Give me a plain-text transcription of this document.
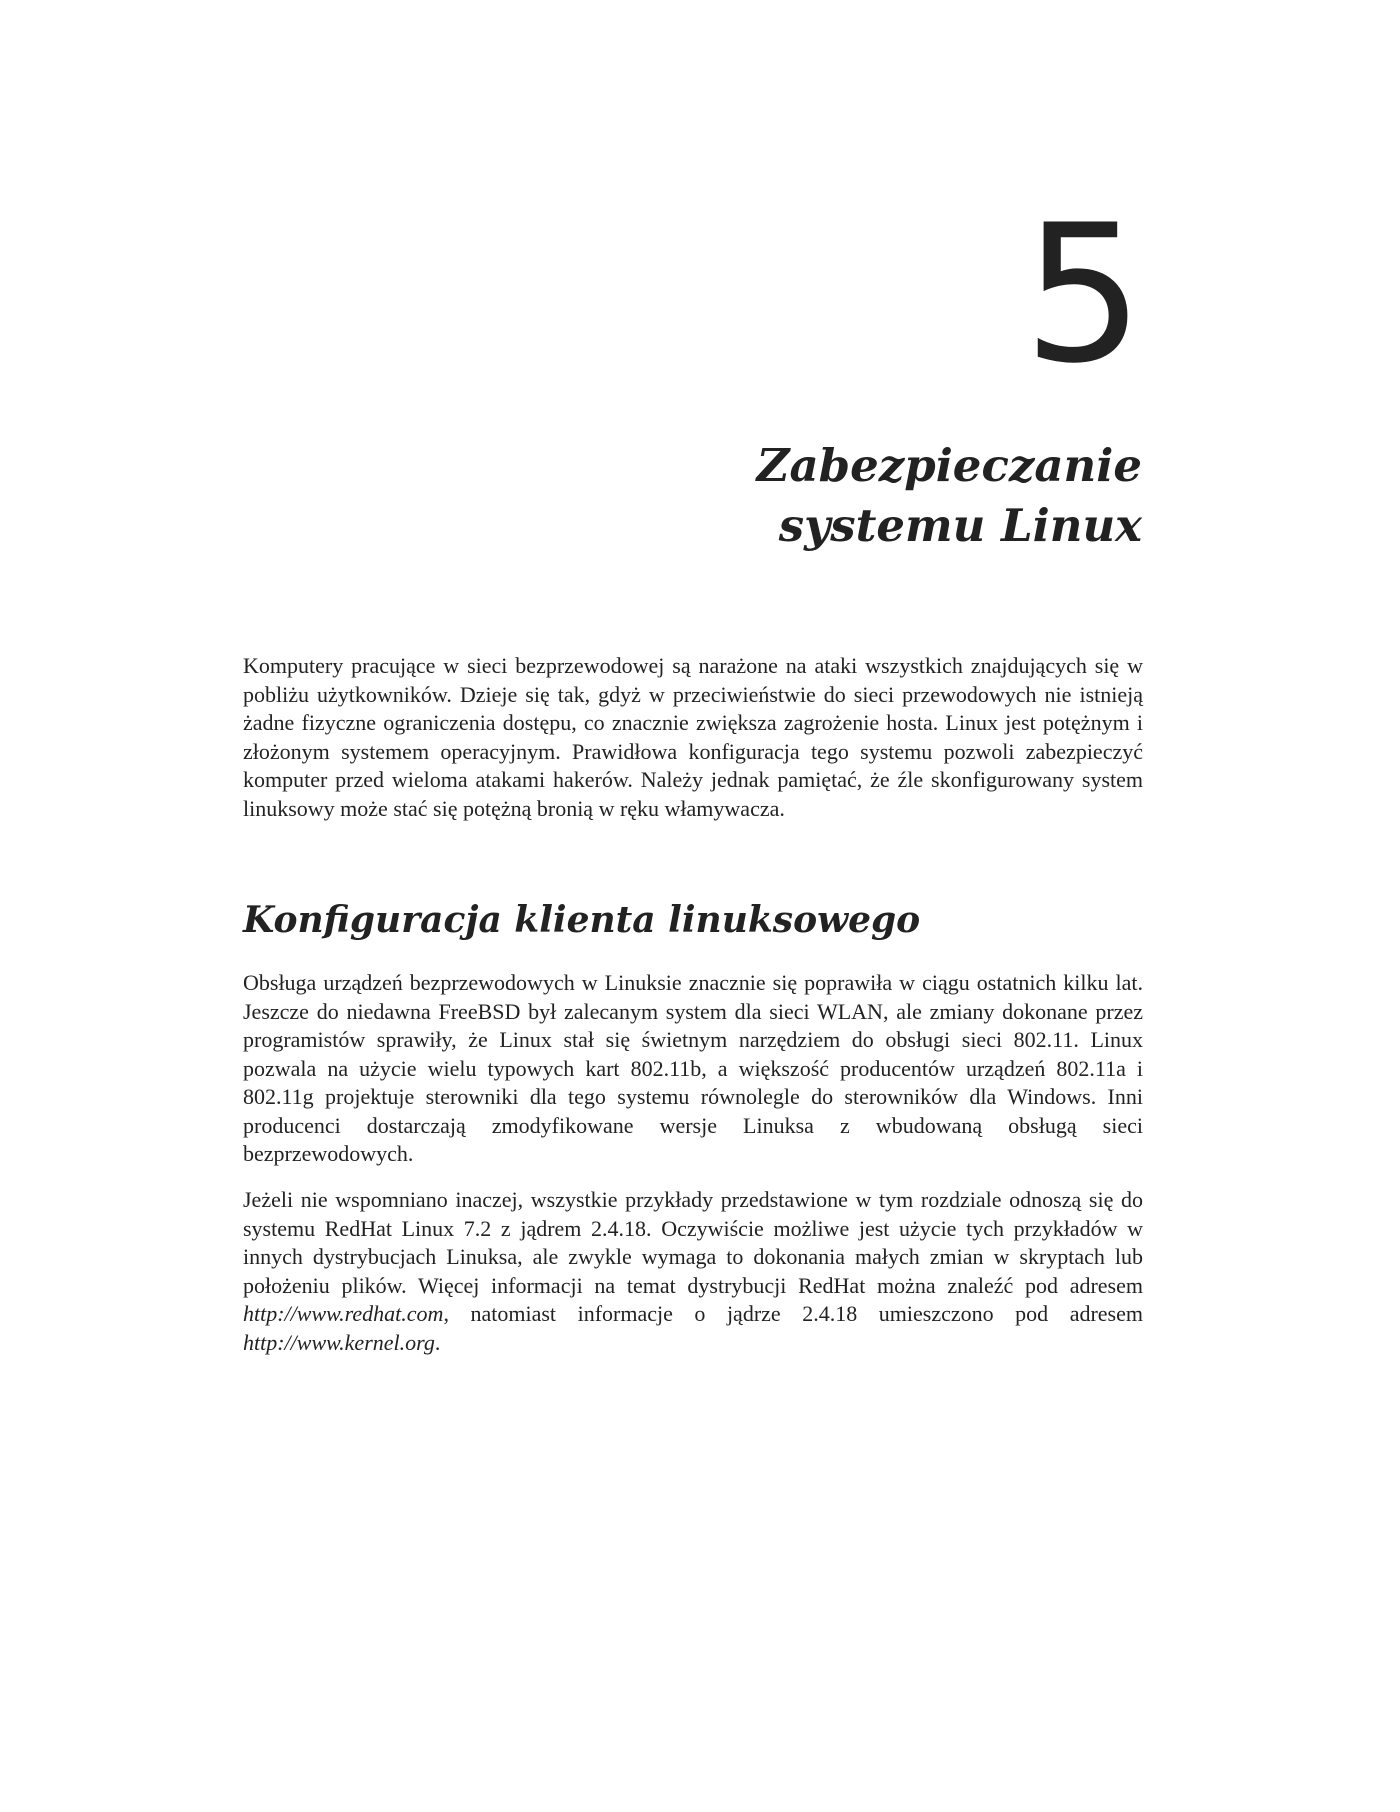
5
Zabezpieczanie
systemu Linux

Komputery pracujące w sieci bezprzewodowej są narażone na ataki wszystkich znajdujących się w pobliżu użytkowników. Dzieje się tak, gdyż w przeciwieństwie do sieci przewodowych nie istnieją żadne fizyczne ograniczenia dostępu, co znacznie zwiększa zagrożenie hosta. Linux jest potężnym i złożonym systemem operacyjnym. Prawidłowa konfiguracja tego systemu pozwoli zabezpieczyć komputer przed wieloma atakami hakerów. Należy jednak pamiętać, że źle skonfigurowany system linuksowy może stać się potężną bronią w ręku włamywacza.

Konfiguracja klienta linuksowego

Obsługa urządzeń bezprzewodowych w Linuksie znacznie się poprawiła w ciągu ostatnich kilku lat. Jeszcze do niedawna FreeBSD był zalecanym system dla sieci WLAN, ale zmiany dokonane przez programistów sprawiły, że Linux stał się świetnym narzędziem do obsługi sieci 802.11. Linux pozwala na użycie wielu typowych kart 802.11b, a większość producentów urządzeń 802.11a i 802.11g projektuje sterowniki dla tego systemu równolegle do sterowników dla Windows. Inni producenci dostarczają zmodyfikowane wersje Linuksa z wbudowaną obsługą sieci bezprzewodowych.

Jeżeli nie wspomniano inaczej, wszystkie przykłady przedstawione w tym rozdziale odnoszą się do systemu RedHat Linux 7.2 z jądrem 2.4.18. Oczywiście możliwe jest użycie tych przykładów w innych dystrybucjach Linuksa, ale zwykle wymaga to dokonania małych zmian w skryptach lub położeniu plików. Więcej informacji na temat dystrybucji RedHat można znaleźć pod adresem http://www.redhat.com, natomiast informacje o jądrze 2.4.18 umieszczono pod adresem http://www.kernel.org.
